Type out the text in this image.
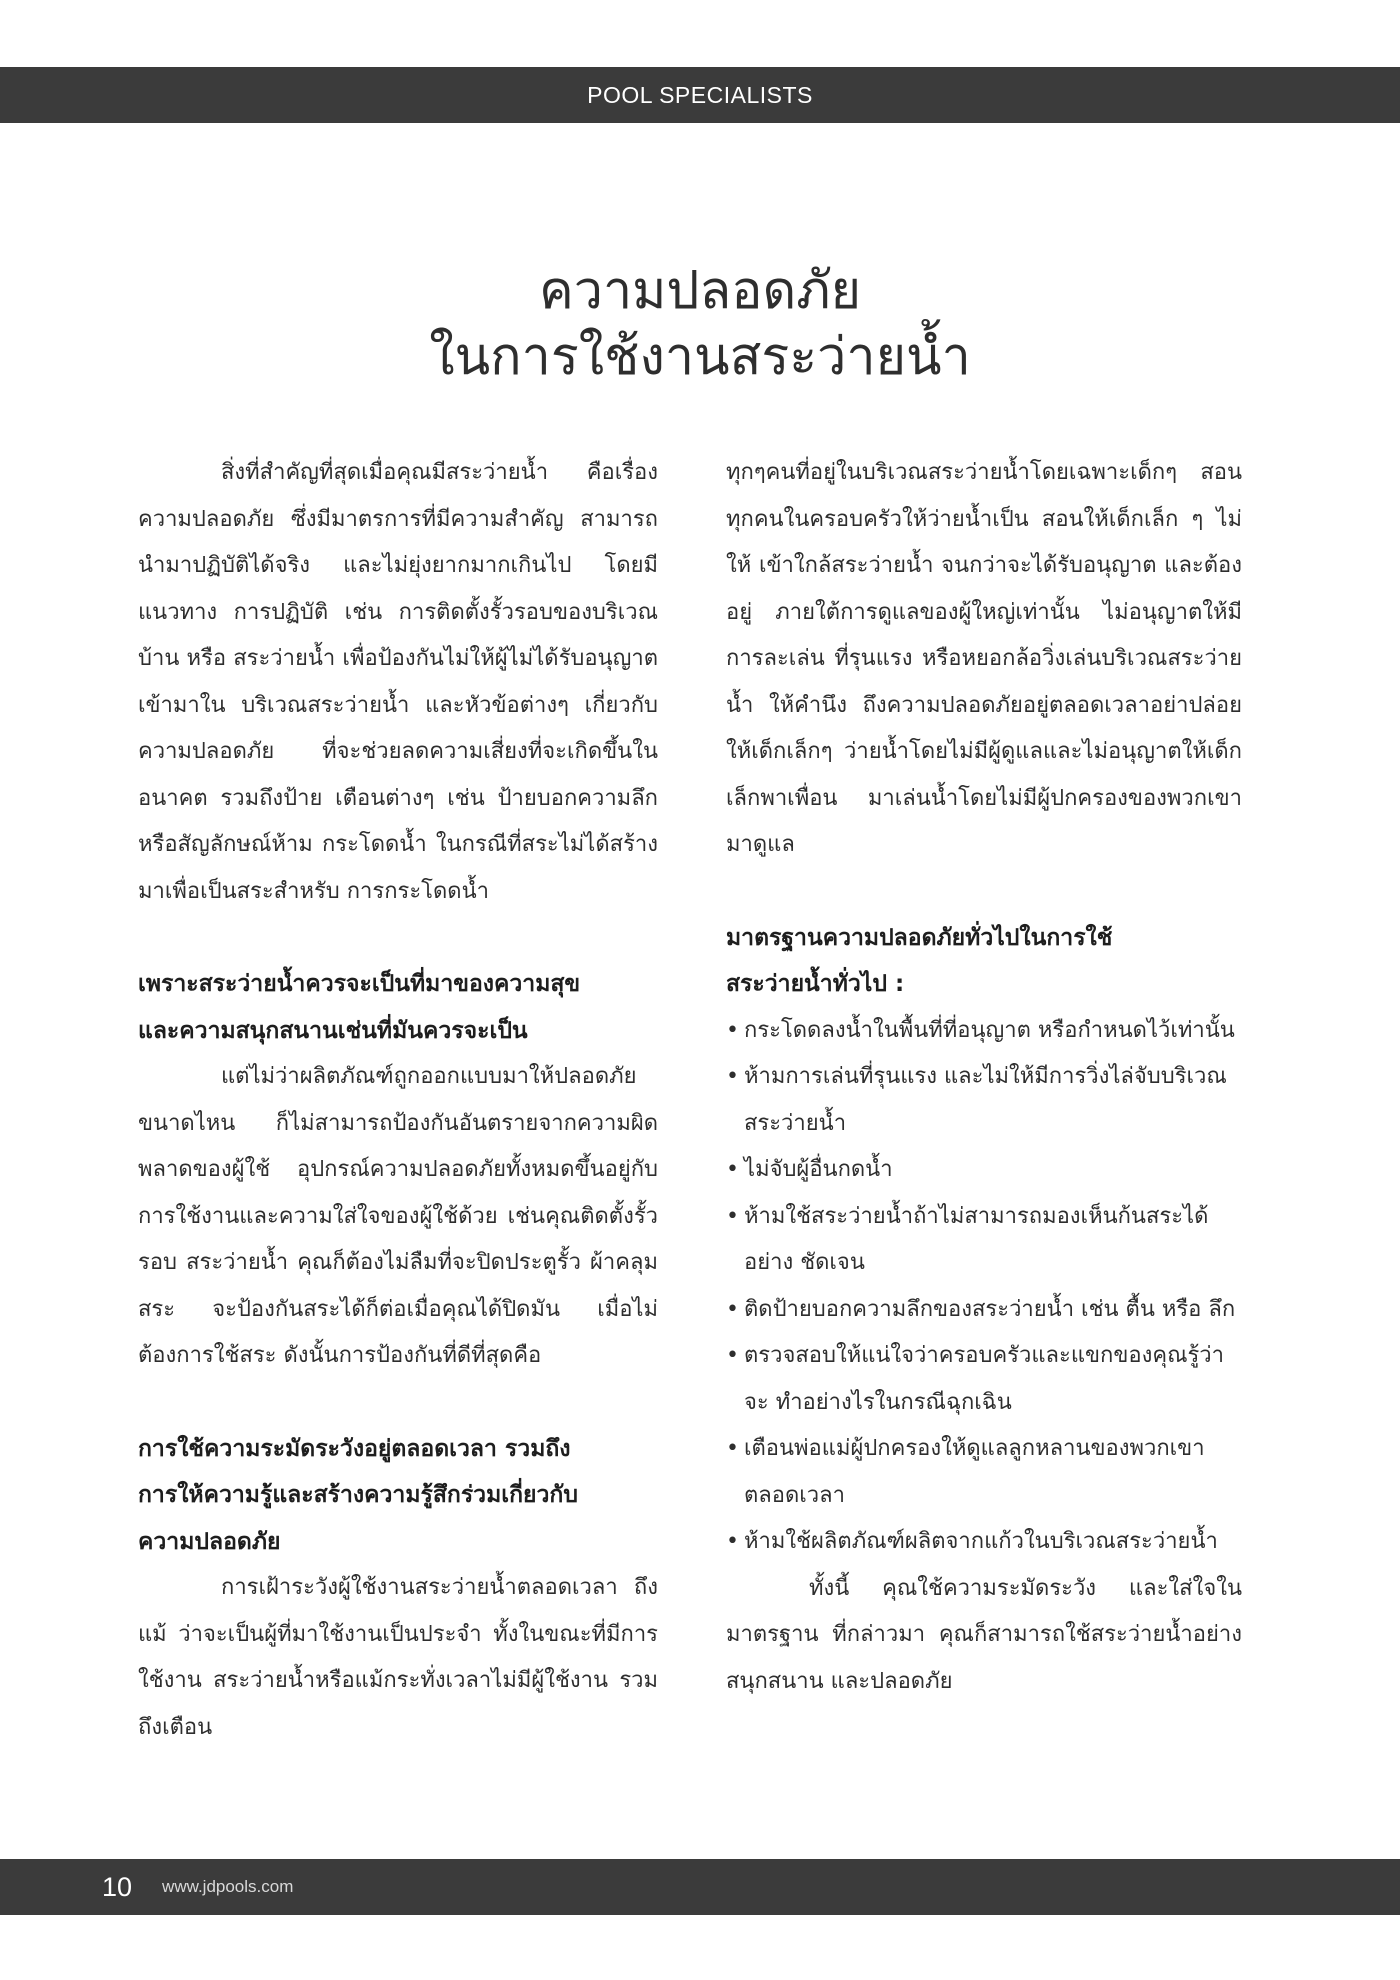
POOL SPECIALISTS
ความปลอดภัย
ในการใช้งานสระว่ายน้ำ

สิ่งที่สำคัญที่สุดเมื่อคุณมีสระว่ายน้ำ คือเรื่อง ความปลอดภัย ซึ่งมีมาตรการที่มีความสำคัญ สามารถ นำมาปฏิบัติได้จริง และไม่ยุ่งยากมากเกินไป โดยมีแนวทาง การปฏิบัติ เช่น การติดตั้งรั้วรอบของบริเวณบ้าน หรือ สระว่ายน้ำ เพื่อป้องกันไม่ให้ผู้ไม่ได้รับอนุญาตเข้ามาใน บริเวณสระว่ายน้ำ และหัวข้อต่างๆ เกี่ยวกับความปลอดภัย ที่จะช่วยลดความเสี่ยงที่จะเกิดขึ้นในอนาคต รวมถึงป้าย เตือนต่างๆ เช่น ป้ายบอกความลึก หรือสัญลักษณ์ห้าม กระโดดน้ำ ในกรณีที่สระไม่ได้สร้างมาเพื่อเป็นสระสำหรับ การกระโดดน้ำ

เพราะสระว่ายน้ำควรจะเป็นที่มาของความสุข
และความสนุกสนานเช่นที่มันควรจะเป็น

แต่ไม่ว่าผลิตภัณฑ์ถูกออกแบบมาให้ปลอดภัย ขนาดไหน ก็ไม่สามารถป้องกันอันตรายจากความผิด พลาดของผู้ใช้ อุปกรณ์ความปลอดภัยทั้งหมดขึ้นอยู่กับ การใช้งานและความใส่ใจของผู้ใช้ด้วย เช่นคุณติดตั้งรั้วรอบ สระว่ายน้ำ คุณก็ต้องไม่ลืมที่จะปิดประตูรั้ว ผ้าคลุมสระ จะป้องกันสระได้ก็ต่อเมื่อคุณได้ปิดมัน เมื่อไม่ต้องการใช้สระ ดังนั้นการป้องกันที่ดีที่สุดคือ

การใช้ความระมัดระวังอยู่ตลอดเวลา รวมถึง
การให้ความรู้และสร้างความรู้สึกร่วมเกี่ยวกับ
ความปลอดภัย

การเฝ้าระวังผู้ใช้งานสระว่ายน้ำตลอดเวลา ถึงแม้ ว่าจะเป็นผู้ที่มาใช้งานเป็นประจำ ทั้งในขณะที่มีการใช้งาน สระว่ายน้ำหรือแม้กระทั่งเวลาไม่มีผู้ใช้งาน รวมถึงเตือน

ทุกๆคนที่อยู่ในบริเวณสระว่ายน้ำโดยเฉพาะเด็กๆ สอน ทุกคนในครอบครัวให้ว่ายน้ำเป็น สอนให้เด็กเล็ก ๆ ไม่ให้ เข้าใกล้สระว่ายน้ำ จนกว่าจะได้รับอนุญาต และต้องอยู่ ภายใต้การดูแลของผู้ใหญ่เท่านั้น ไม่อนุญาตให้มีการละเล่น ที่รุนแรง หรือหยอกล้อวิ่งเล่นบริเวณสระว่ายน้ำ ให้คำนึง ถึงความปลอดภัยอยู่ตลอดเวลาอย่าปล่อยให้เด็กเล็กๆ ว่ายน้ำโดยไม่มีผู้ดูแลและไม่อนุญาตให้เด็กเล็กพาเพื่อน มาเล่นน้ำโดยไม่มีผู้ปกครองของพวกเขามาดูแล

มาตรฐานความปลอดภัยทั่วไปในการใช้
สระว่ายน้ำทั่วไป :
• กระโดดลงน้ำในพื้นที่ที่อนุญาต หรือกำหนดไว้เท่านั้น
• ห้ามการเล่นที่รุนแรง และไม่ให้มีการวิ่งไล่จับบริเวณ สระว่ายน้ำ
• ไม่จับผู้อื่นกดน้ำ
• ห้ามใช้สระว่ายน้ำถ้าไม่สามารถมองเห็นก้นสระได้อย่าง ชัดเจน
• ติดป้ายบอกความลึกของสระว่ายน้ำ เช่น ตื้น หรือ ลึก
• ตรวจสอบให้แน่ใจว่าครอบครัวและแขกของคุณรู้ว่าจะ ทำอย่างไรในกรณีฉุกเฉิน
• เตือนพ่อแม่ผู้ปกครองให้ดูแลลูกหลานของพวกเขา ตลอดเวลา
• ห้ามใช้ผลิตภัณฑ์ผลิตจากแก้วในบริเวณสระว่ายน้ำ

ทั้งนี้ คุณใช้ความระมัดระวัง และใส่ใจในมาตรฐาน ที่กล่าวมา คุณก็สามารถใช้สระว่ายน้ำอย่างสนุกสนาน และปลอดภัย

10 www.jdpools.com
